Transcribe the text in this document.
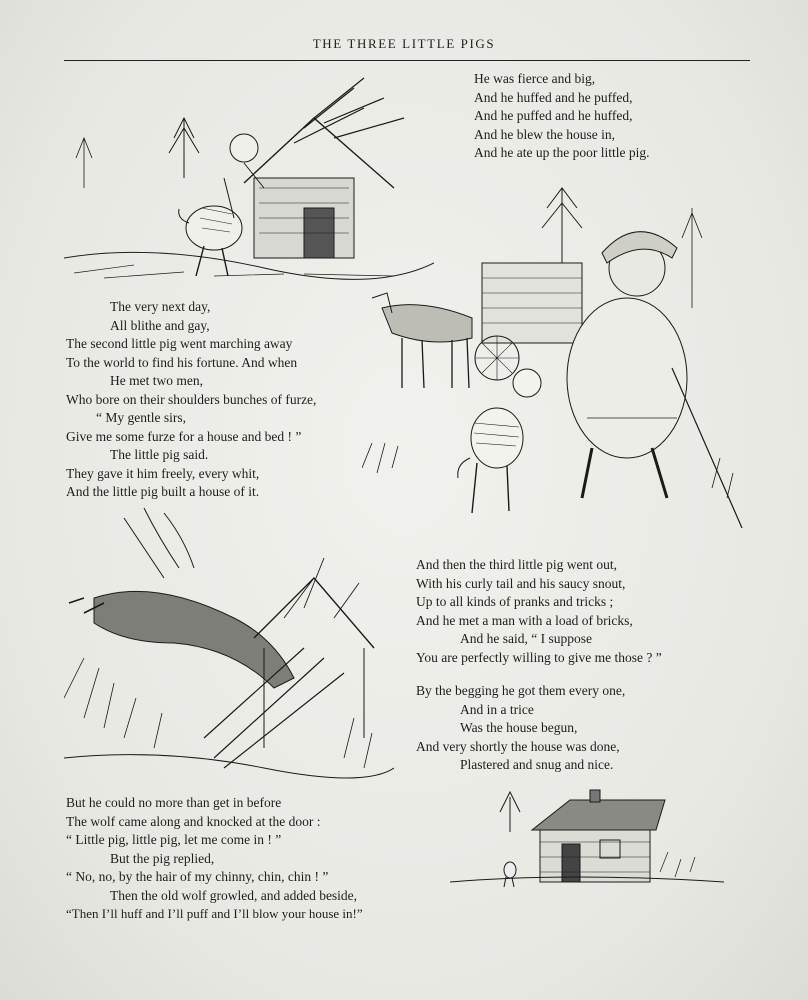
THE THREE LITTLE PIGS
He was fierce and big,
And he huffed and he puffed,
And he puffed and he huffed,
And he blew the house in,
And he ate up the poor little pig.
The very next day,
All blithe and gay,
The second little pig went marching away
To the world to find his fortune. And when
He met two men,
Who bore on their shoulders bunches of furze,
“ My gentle sirs,
Give me some furze for a house and bed ! ”
The little pig said.
They gave it him freely, every whit,
And the little pig built a house of it.
And then the third little pig went out,
With his curly tail and his saucy snout,
Up to all kinds of pranks and tricks ;
And he met a man with a load of bricks,
And he said, “ I suppose
You are perfectly willing to give me those ? ”
By the begging he got them every one,
And in a trice
Was the house begun,
And very shortly the house was done,
Plastered and snug and nice.
But he could no more than get in before
The wolf came along and knocked at the door :
“ Little pig, little pig, let me come in ! ”
But the pig replied,
“ No, no, by the hair of my chinny, chin, chin ! ”
Then the old wolf growled, and added beside,
“Then I’ll huff and I’ll puff and I’ll blow your house in!”
